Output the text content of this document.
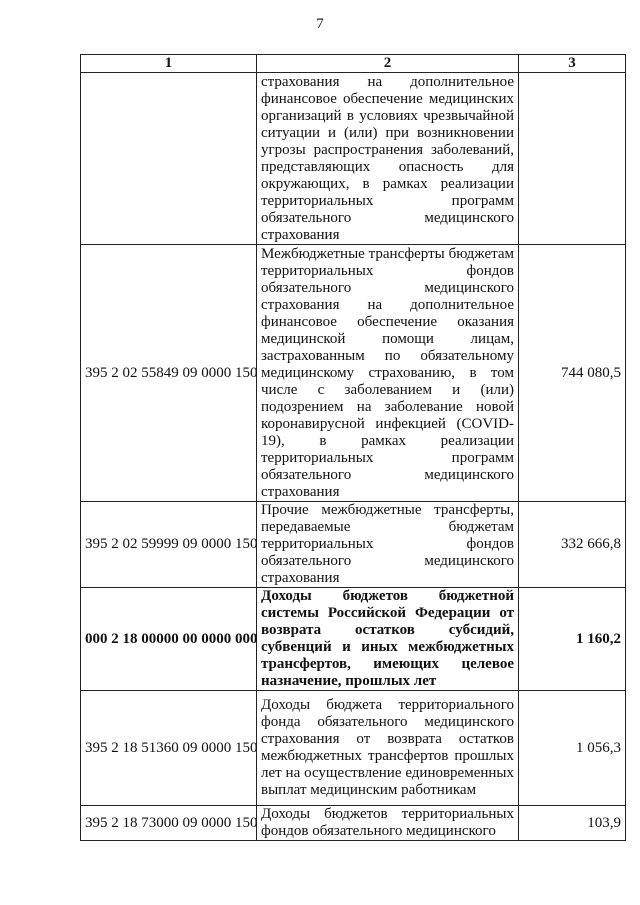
7
1	2	3
	страхования на дополнительное финансовое обеспечение медицинских организаций в условиях чрезвычайной ситуации и (или) при возникновении угрозы распространения заболеваний, представляющих опасность для окружающих, в рамках реализации территориальных программ обязательного медицинского страхования	
395 2 02 55849 09 0000 150	Межбюджетные трансферты бюджетам территориальных фондов обязательного медицинского страхования на дополнительное финансовое обеспечение оказания медицинской помощи лицам, застрахованным по обязательному медицинскому страхованию, в том числе с заболеванием и (или) подозрением на заболевание новой коронавирусной инфекцией (COVID-19), в рамках реализации территориальных программ обязательного медицинского страхования	744 080,5
395 2 02 59999 09 0000 150	Прочие межбюджетные трансферты, передаваемые бюджетам территориальных фондов обязательного медицинского страхования	332 666,8
000 2 18 00000 00 0000 000	Доходы бюджетов бюджетной системы Российской Федерации от возврата остатков субсидий, субвенций и иных межбюджетных трансфертов, имеющих целевое назначение, прошлых лет	1 160,2
395 2 18 51360 09 0000 150	Доходы бюджета территориального фонда обязательного медицинского страхования от возврата остатков межбюджетных трансфертов прошлых лет на осуществление единовременных выплат медицинским работникам	1 056,3
395 2 18 73000 09 0000 150	Доходы бюджетов территориальных фондов обязательного медицинского	103,9
